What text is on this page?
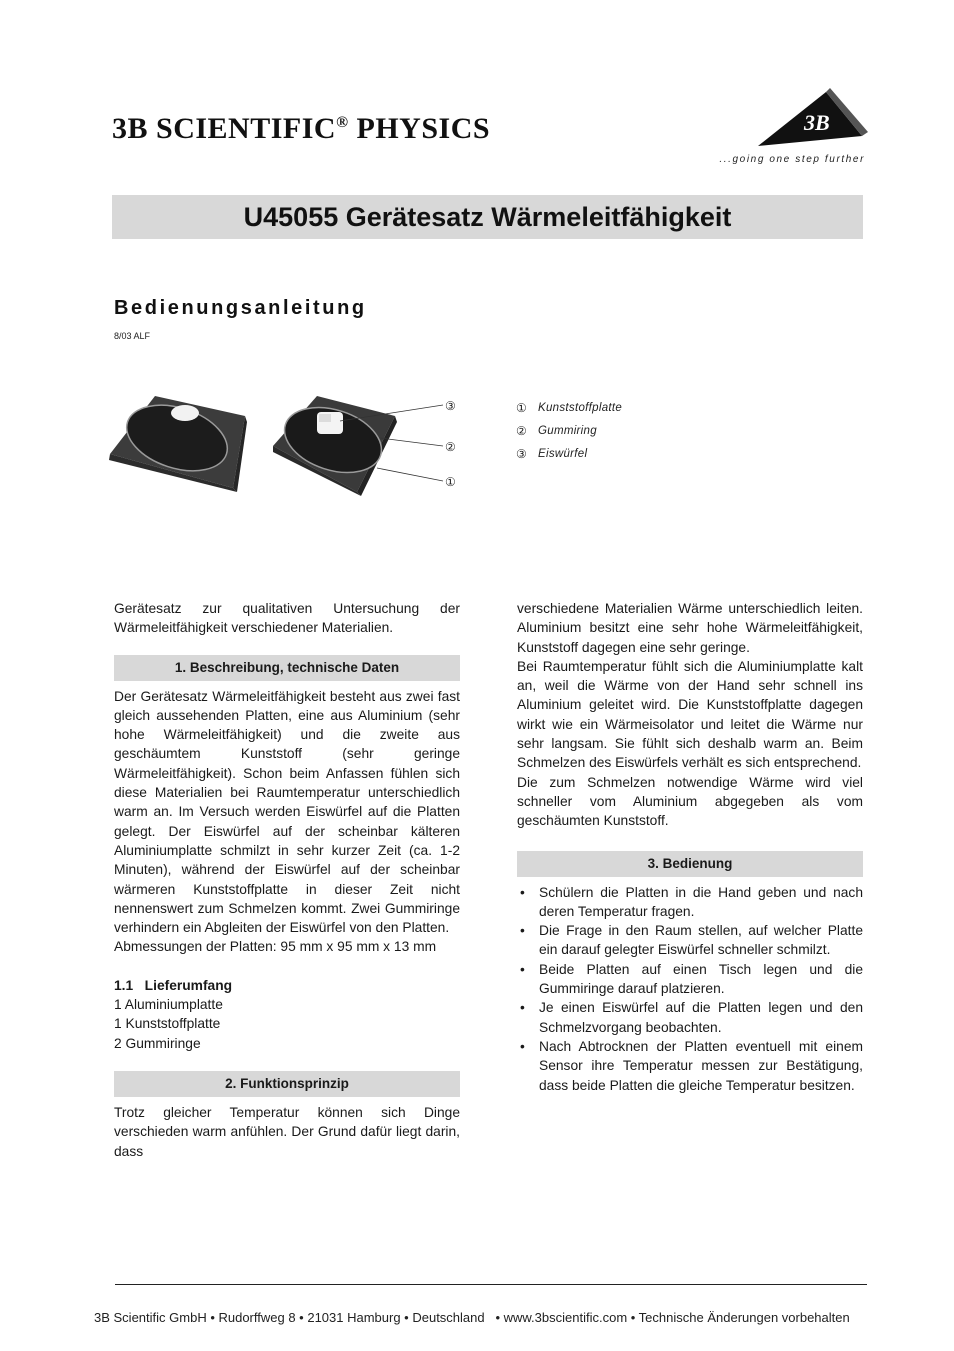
3B SCIENTIFIC® PHYSICS	3B
...going one step further
U45055 Gerätesatz Wärmeleitfähigkeit
Bedienungsanleitung
8/03 ALF
③
②
①
① Kunststoffplatte
② Gummiring
③ Eiswürfel

Gerätesatz zur qualitativen Untersuchung der Wärmeleitfähigkeit verschiedener Materialien.

1. Beschreibung, technische Daten

Der Gerätesatz Wärmeleitfähigkeit besteht aus zwei fast gleich aussehenden Platten, eine aus Aluminium (sehr hohe Wärmeleitfähigkeit) und die zweite aus geschäumtem Kunststoff (sehr geringe Wärmeleitfähigkeit). Schon beim Anfassen fühlen sich diese Materialien bei Raumtemperatur unterschiedlich warm an. Im Versuch werden Eiswürfel auf die Platten gelegt. Der Eiswürfel auf der scheinbar kälteren Aluminiumplatte schmilzt in sehr kurzer Zeit (ca. 1-2 Minuten), während der Eiswürfel auf der scheinbar wärmeren Kunststoffplatte in dieser Zeit nicht nennenswert zum Schmelzen kommt. Zwei Gummiringe verhindern ein Abgleiten der Eiswürfel von den Platten.

Abmessungen der Platten: 95 mm x 95 mm x 13 mm

1.1   Lieferumfang

1 Aluminiumplatte

1 Kunststoffplatte

2 Gummiringe

2. Funktionsprinzip

Trotz gleicher Temperatur können sich Dinge verschieden warm anfühlen. Der Grund dafür liegt darin, dass

verschiedene Materialien Wärme unterschiedlich leiten. Aluminium besitzt eine sehr hohe Wärmeleitfähigkeit, Kunststoff dagegen eine sehr geringe.

Bei Raumtemperatur fühlt sich die Aluminiumplatte kalt an, weil die Wärme von der Hand sehr schnell ins Aluminium geleitet wird. Die Kunststoffplatte dagegen wirkt wie ein Wärmeisolator und leitet die Wärme nur sehr langsam. Sie fühlt sich deshalb warm an. Beim Schmelzen des Eiswürfels verhält es sich entsprechend.

Die zum Schmelzen notwendige Wärme wird viel schneller vom Aluminium abgegeben als vom geschäumten Kunststoff.

3. Bedienung
• Schülern die Platten in die Hand geben und nach deren Temperatur fragen.
• Die Frage in den Raum stellen, auf welcher Platte ein darauf gelegter Eiswürfel schneller schmilzt.
• Beide Platten auf einen Tisch legen und die Gummiringe darauf platzieren.
• Je einen Eiswürfel auf die Platten legen und den Schmelzvorgang beobachten.
• Nach Abtrocknen der Platten eventuell mit einem Sensor ihre Temperatur messen zur Bestätigung, dass beide Platten die gleiche Temperatur besitzen.
3B Scientific GmbH • Rudorffweg 8 • 21031 Hamburg • Deutschland   • www.3bscientific.com • Technische Änderungen vorbehalten
